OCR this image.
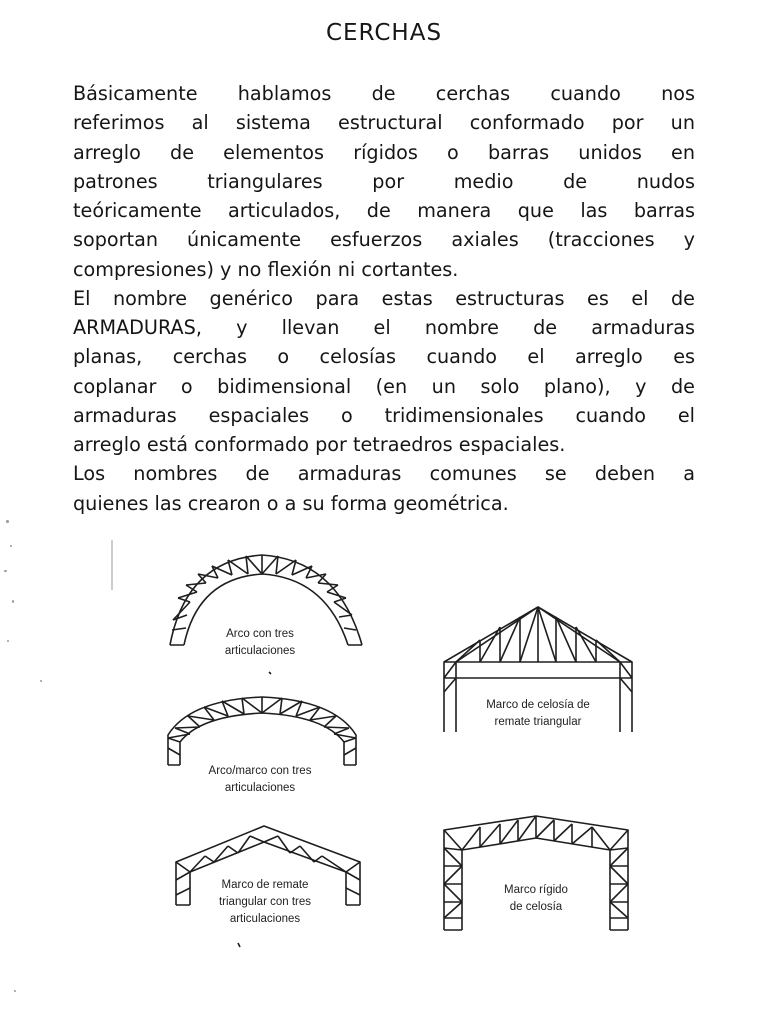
CERCHAS
Básicamente hablamos de cerchas cuando nos
referimos al sistema estructural conformado por un
arreglo de elementos rígidos o barras unidos en
patrones triangulares por medio de nudos
teóricamente articulados, de manera que las barras
soportan únicamente esfuerzos axiales (tracciones y
compresiones) y no flexión ni cortantes.
El nombre genérico para estas estructuras es el de
ARMADURAS, y llevan el nombre de armaduras
planas, cerchas o celosías cuando el arreglo es
coplanar o bidimensional (en un solo plano), y de
armaduras espaciales o tridimensionales cuando el
arreglo está conformado por tetraedros espaciales.
Los nombres de armaduras comunes se deben a
quienes las crearon o a su forma geométrica.
Arco con tres
articulaciones
Arco/marco con tres
articulaciones
Marco de remate
triangular con tres
articulaciones
Marco de celosía de
remate triangular
Marco rígido
de celosía
